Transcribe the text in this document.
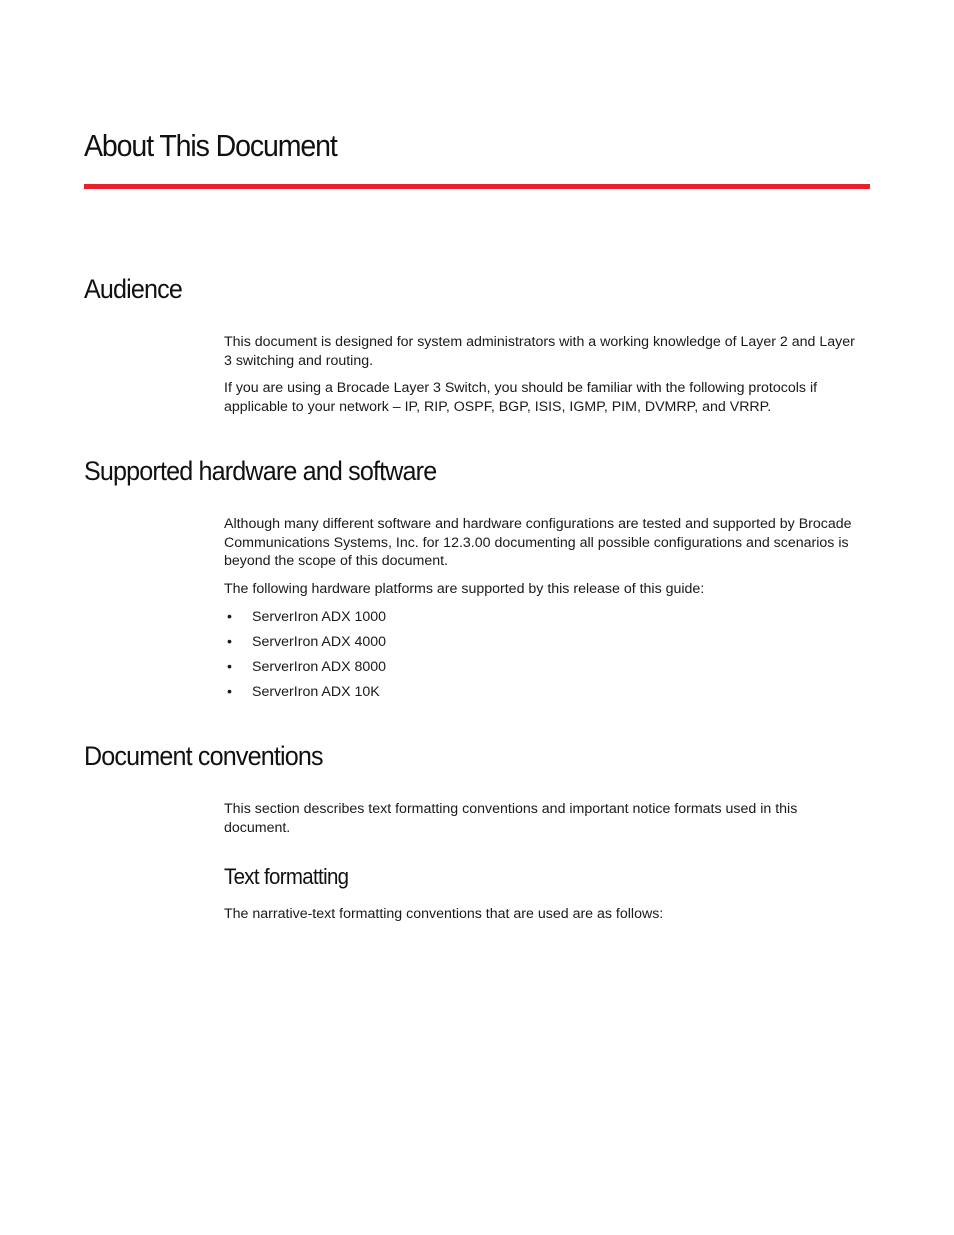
About This Document
Audience

This document is designed for system administrators with a working knowledge of Layer 2 and Layer 3 switching and routing.

If you are using a Brocade Layer 3 Switch, you should be familiar with the following protocols if applicable to your network – IP, RIP, OSPF, BGP, ISIS, IGMP, PIM, DVMRP, and VRRP.

Supported hardware and software

Although many different software and hardware configurations are tested and supported by Brocade Communications Systems, Inc. for 12.3.00 documenting all possible configurations and scenarios is beyond the scope of this document.

The following hardware platforms are supported by this release of this guide:

• ServerIron ADX 1000
• ServerIron ADX 4000
• ServerIron ADX 8000
• ServerIron ADX 10K
Document conventions

This section describes text formatting conventions and important notice formats used in this document.

Text formatting

The narrative-text formatting conventions that are used are as follows:
